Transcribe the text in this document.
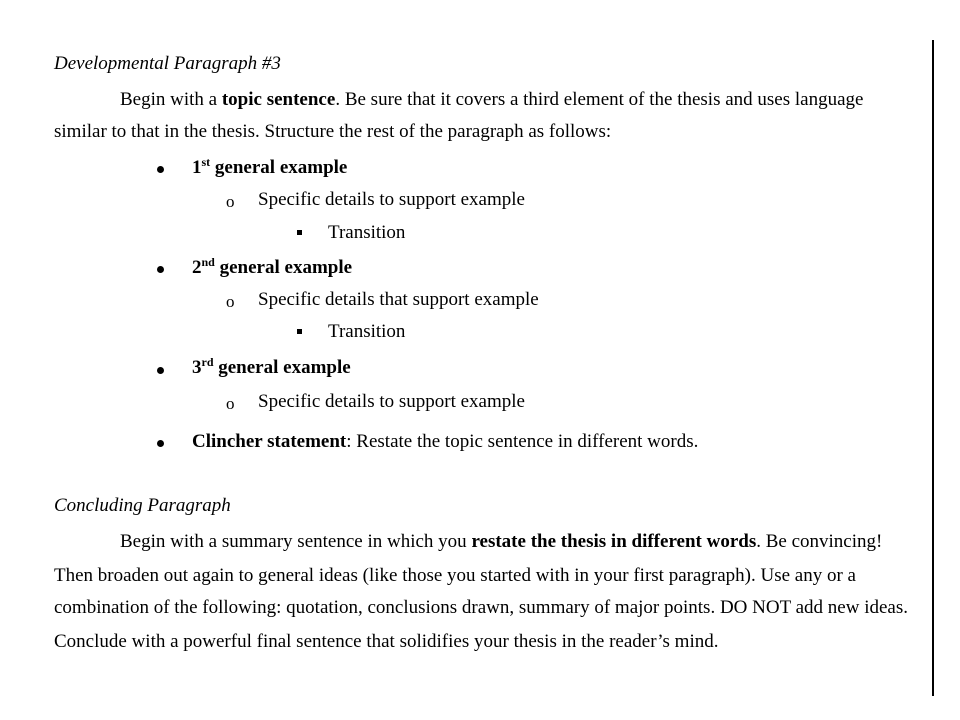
Developmental Paragraph #3
Begin with a topic sentence. Be sure that it covers a third element of the thesis and uses language
similar to that in the thesis. Structure the rest of the paragraph as follows:
1st general example
o Specific details to support example
Transition
2nd general example
o Specific details that support example
Transition
3rd general example
o Specific details to support example
Clincher statement: Restate the topic sentence in different words.
Concluding Paragraph
Begin with a summary sentence in which you restate the thesis in different words. Be convincing!
Then broaden out again to general ideas (like those you started with in your first paragraph). Use any or a
combination of the following: quotation, conclusions drawn, summary of major points. DO NOT add new ideas.
Conclude with a powerful final sentence that solidifies your thesis in the reader’s mind.
